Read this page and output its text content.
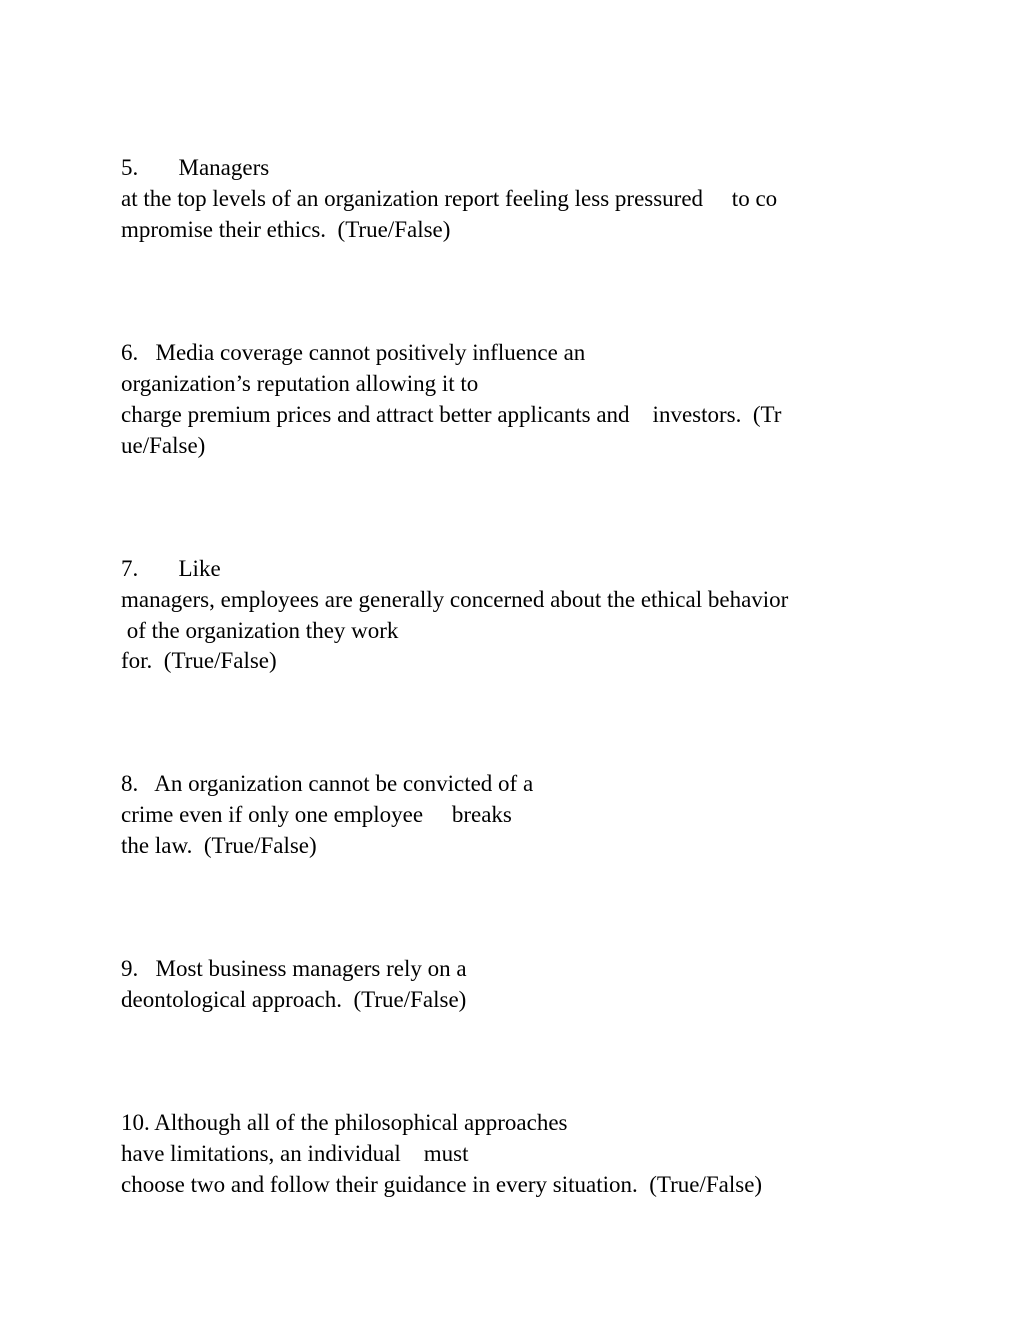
5.       Managers
at the top levels of an organization report feeling less pressured     to co
mpromise their ethics.  (True/False)
6.   Media coverage cannot positively influence an
organization’s reputation allowing it to
charge premium prices and attract better applicants and    investors.  (Tr
ue/False)
7.       Like
managers, employees are generally concerned about the ethical behavior
of the organization they work
for.  (True/False)
8.   An organization cannot be convicted of a
crime even if only one employee     breaks
the law.  (True/False)
9.   Most business managers rely on a
deontological approach.  (True/False)
10. Although all of the philosophical approaches
have limitations, an individual    must
choose two and follow their guidance in every situation.  (True/False)
